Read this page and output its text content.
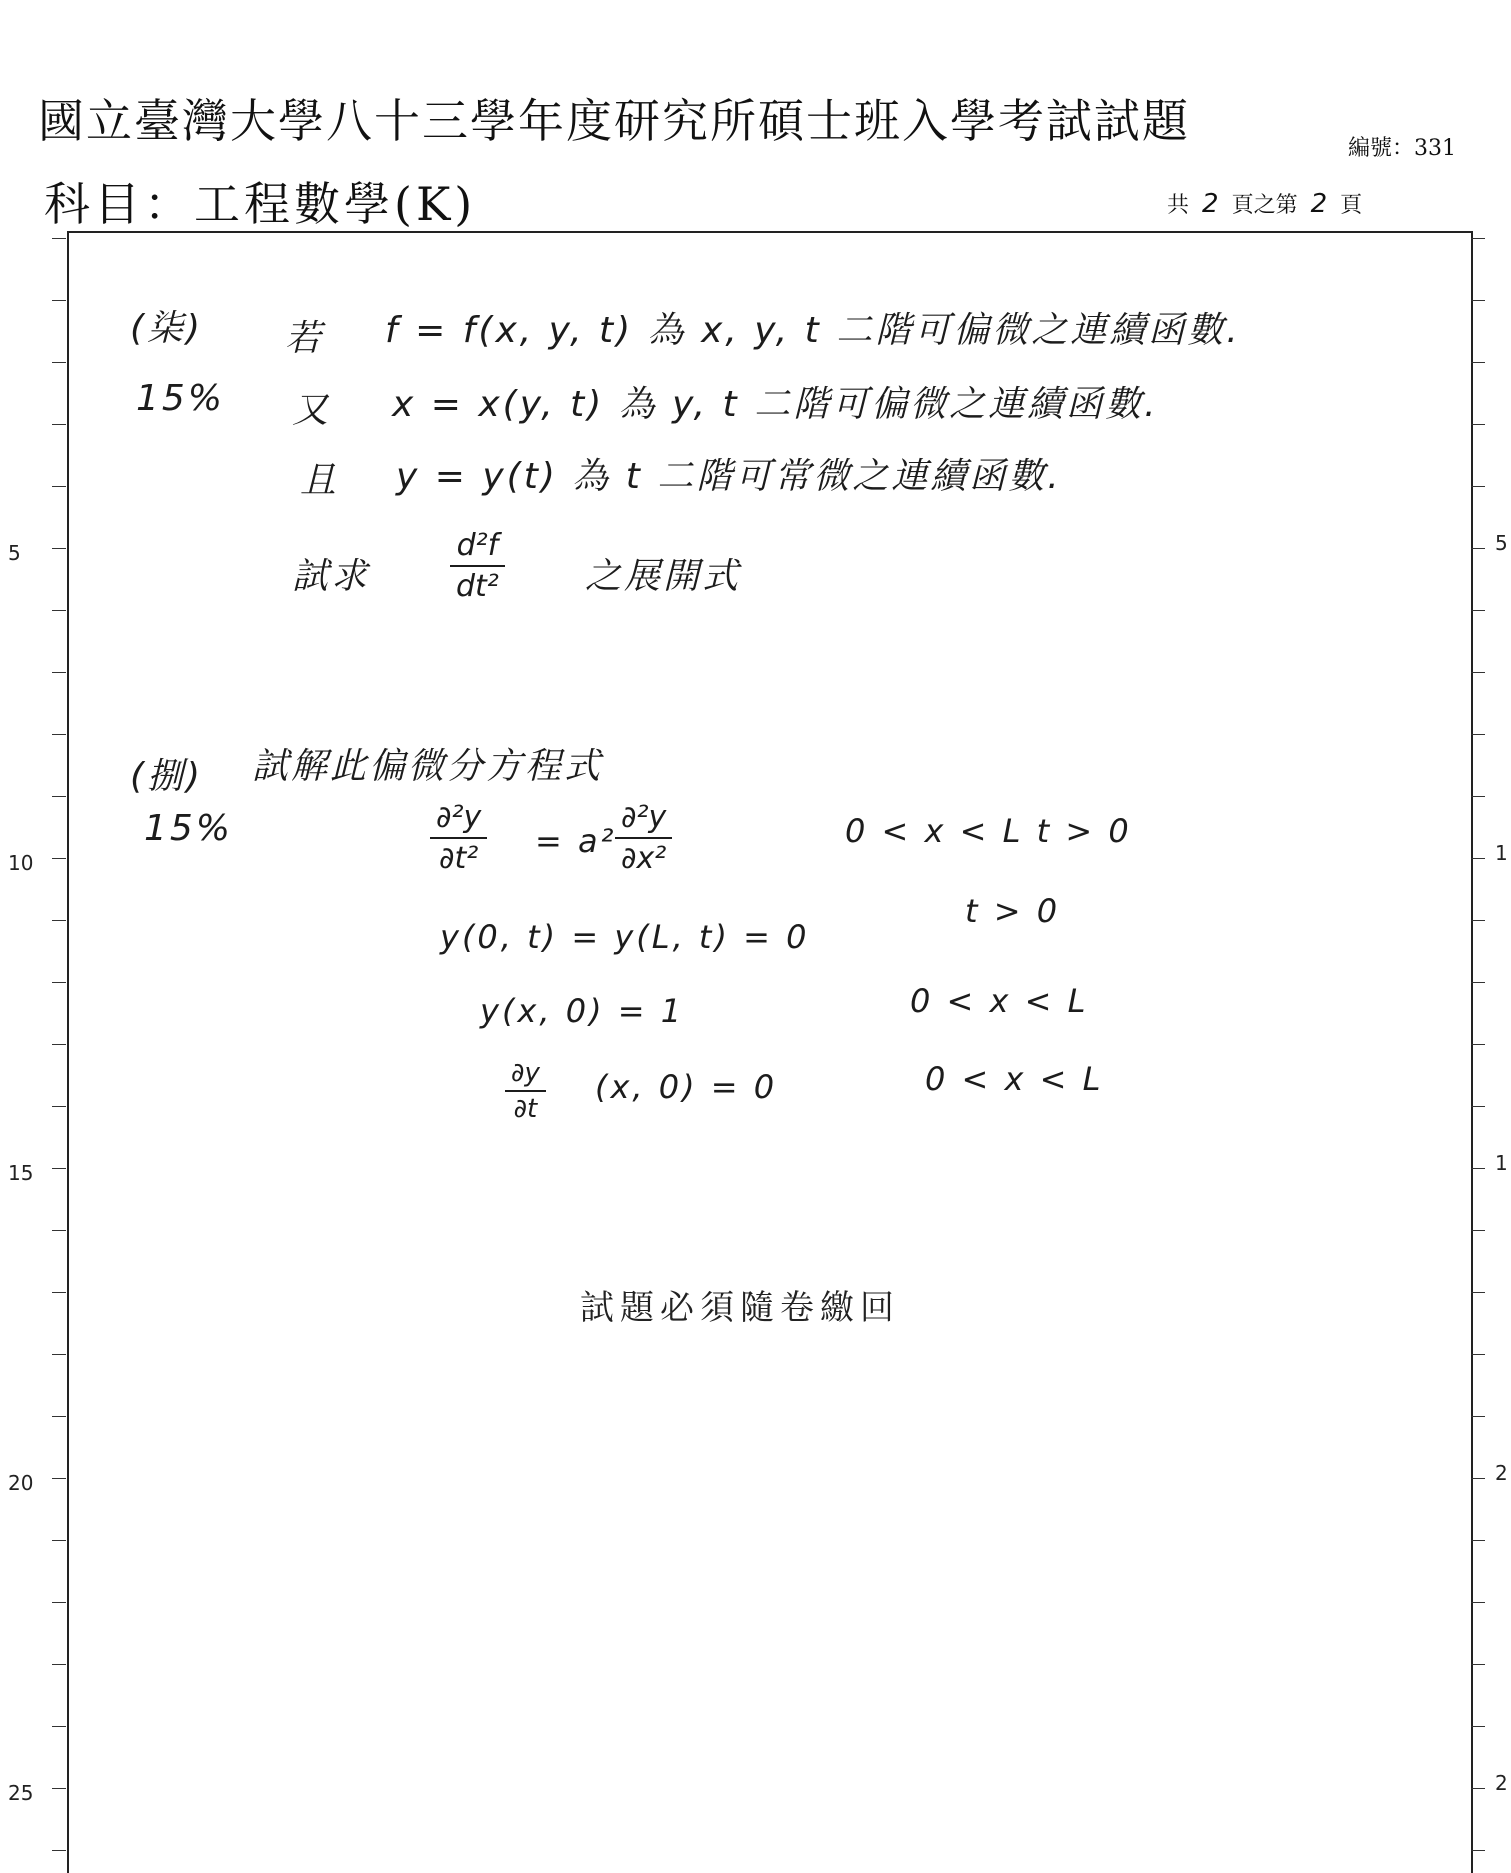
國立臺灣大學八十三學年度研究所碩士班入學考試試題
科目：工程數學(K)
編號：331
共 2 頁之第 2 頁
5
10
15
20
25
5
1
1
2
2
(柒)
15%
若 f = f(x, y, t) 為 x, y, t 二階可偏微之連續函數.
又 x = x(y, t) 為 y, t 二階可偏微之連續函數.
且 y = y(t) 為 t 二階可常微之連續函數.
試求
d²f
dt² 之展開式
(捌) 試解此偏微分方程式
15%	∂²y
∂t² = a²
∂²y
∂x²
0 < x < L t > 0
y(0, t) = y(L, t) = 0
t > 0
y(x, 0) = 1	0 < x < L
∂y
∂t
(x, 0) = 0	0 < x < L
試題必須隨卷繳回
